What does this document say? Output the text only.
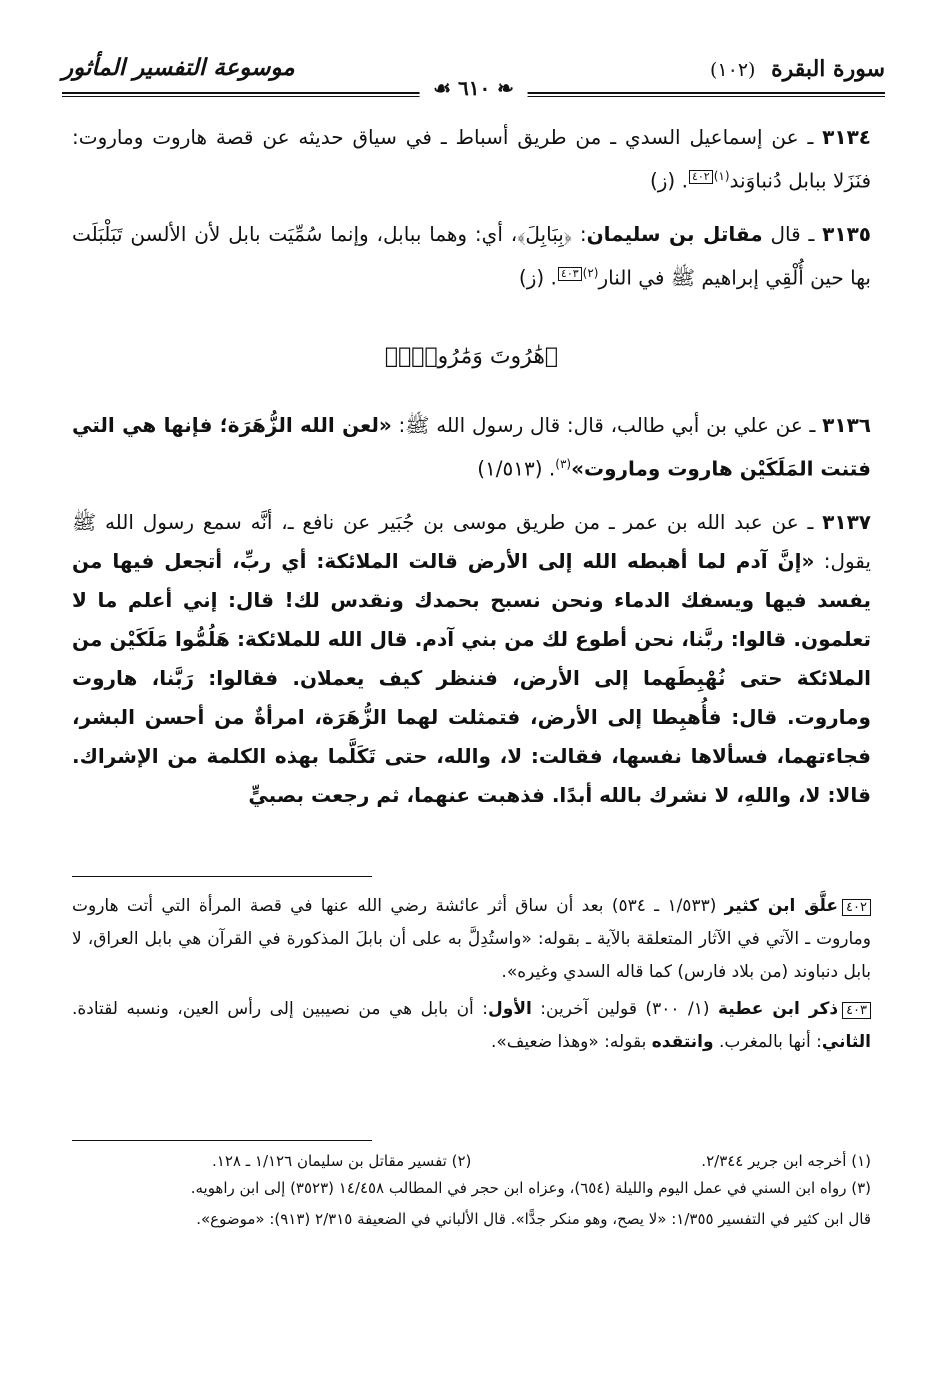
سورة البقرة (١٠٢)
موسوعة التفسير المأثور
❧ ٦١٠ ☙

٣١٣٤ ـ عن إسماعيل السدي ـ من طريق أسباط ـ في سياق حديثه عن قصة هاروت وماروت: فنَزَلا ببابل دُنباوَند$^{(١)}$٤٠٢. (ز)

٣١٣٥ ـ قال مقاتل بن سليمان: ﴿بِبَابِلَ﴾، أي: وهما ببابل، وإنما سُمِّيَت بابل لأن الألسن تَبَلْبَلَت بها حين أُلْقِي إبراهيم ﷺ في النار$^{(٢)}$٤٠٣. (ز)

﴿هَٰرُوتَ وَمَٰرُوتَۚ﴾

٣١٣٦ ـ عن علي بن أبي طالب، قال: قال رسول الله ﷺ: «لعن الله الزُّهَرَة؛ فإنها هي التي فتنت المَلَكَيْن هاروت وماروت»$^{(٣)}$. (١/٥١٣)

٣١٣٧ ـ عن عبد الله بن عمر ـ من طريق موسى بن جُبَير عن نافع ـ، أنَّه سمع رسول الله ﷺ يقول: «إنَّ آدم لما أهبطه الله إلى الأرض قالت الملائكة: أي ربِّ، أتجعل فيها من يفسد فيها ويسفك الدماء ونحن نسبح بحمدك ونقدس لك! قال: إني أعلم ما لا تعلمون. قالوا: ربَّنا، نحن أطوع لك من بني آدم. قال الله للملائكة: هَلُمُّوا مَلَكَيْن من الملائكة حتى نُهْبِطَهما إلى الأرض، فننظر كيف يعملان. فقالوا: رَبَّنا، هاروت وماروت. قال: فأُهبِطا إلى الأرض، فتمثلت لهما الزُّهَرَة، امرأةٌ من أحسن البشر، فجاءتهما، فسألاها نفسها، فقالت: لا، والله، حتى تَكَلَّما بهذه الكلمة من الإشراك. قالا: لا، واللهِ، لا نشرك بالله أبدًا. فذهبت عنهما، ثم رجعت بصبيٍّ

٤٠٢علَّق ابن كثير (١/٥٣٣ ـ ٥٣٤) بعد أن ساق أثر عائشة رضي الله عنها في قصة المرأة التي أتت هاروت وماروت ـ الآتي في الآثار المتعلقة بالآية ـ بقوله: «واستُدِلَّ به على أن بابلَ المذكورة في القرآن هي بابل العراق، لا بابل دنباوند (من بلاد فارس) كما قاله السدي وغيره».

٤٠٣ذكر ابن عطية (١/ ٣٠٠) قولين آخرين: الأول: أن بابل هي من نصيبين إلى رأس العين، ونسبه لقتادة. الثاني: أنها بالمغرب. وانتقده بقوله: «وهذا ضعيف».

(١) أخرجه ابن جرير ٢/٣٤٤.
(٢) تفسير مقاتل بن سليمان ١/١٢٦ ـ ١٢٨.

(٣) رواه ابن السني في عمل اليوم والليلة (٦٥٤)، وعزاه ابن حجر في المطالب ١٤/٤٥٨ (٣٥٢٣) إلى ابن راهويه.

قال ابن كثير في التفسير ١/٣٥٥: «لا يصح، وهو منكر جدًّا». قال الألباني في الضعيفة ٢/٣١٥ (٩١٣): «موضوع».
